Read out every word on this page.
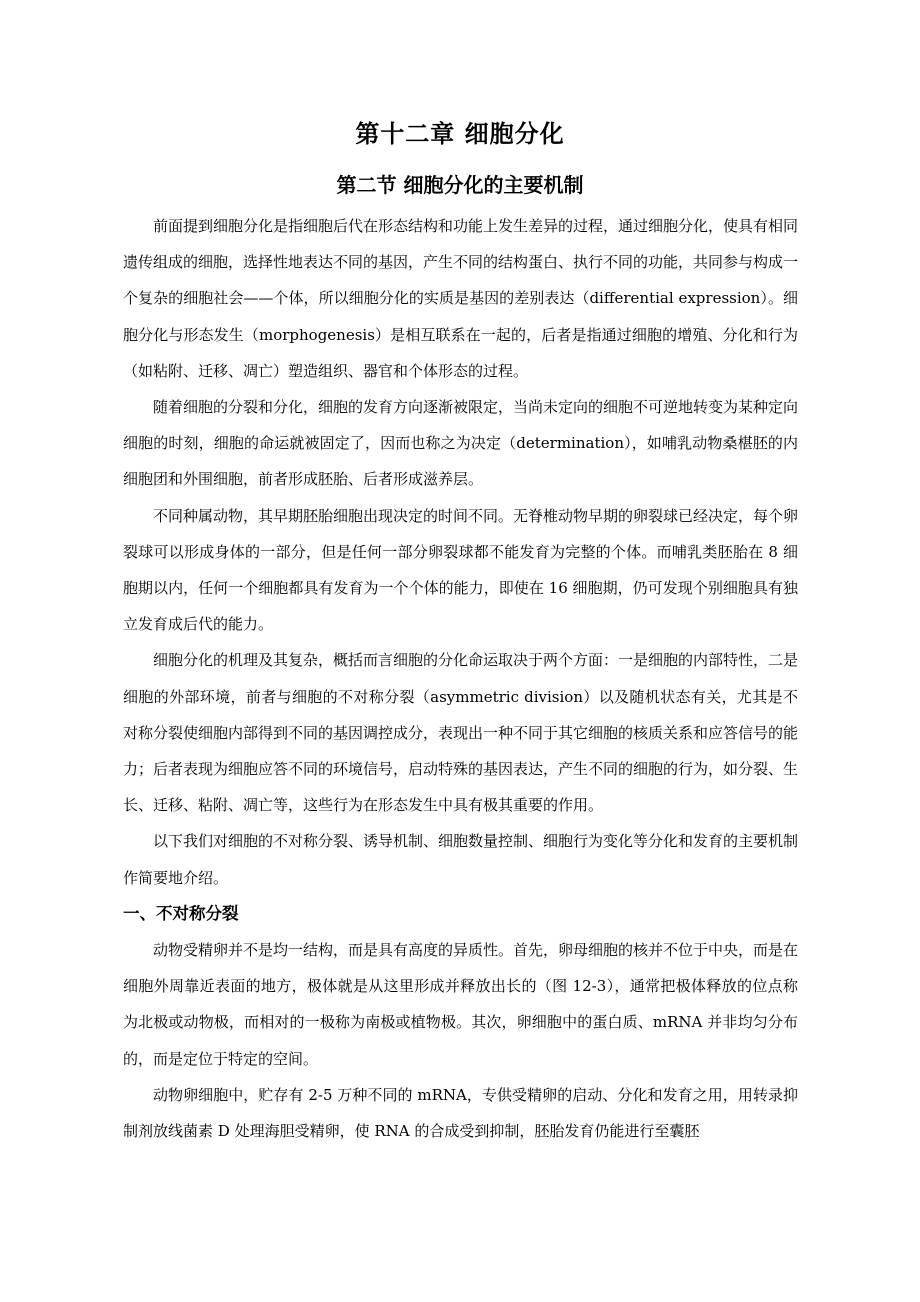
第十二章 细胞分化
第二节 细胞分化的主要机制

前面提到细胞分化是指细胞后代在形态结构和功能上发生差异的过程，通过细胞分化，使具有相同遗传组成的细胞，选择性地表达不同的基因，产生不同的结构蛋白、执行不同的功能，共同参与构成一个复杂的细胞社会——个体，所以细胞分化的实质是基因的差别表达（differential expression）。细胞分化与形态发生（morphogenesis）是相互联系在一起的，后者是指通过细胞的增殖、分化和行为（如粘附、迁移、凋亡）塑造组织、器官和个体形态的过程。

随着细胞的分裂和分化，细胞的发育方向逐渐被限定，当尚未定向的细胞不可逆地转变为某种定向细胞的时刻，细胞的命运就被固定了，因而也称之为决定（determination），如哺乳动物桑椹胚的内细胞团和外围细胞，前者形成胚胎、后者形成滋养层。

不同种属动物，其早期胚胎细胞出现决定的时间不同。无脊椎动物早期的卵裂球已经决定，每个卵裂球可以形成身体的一部分，但是任何一部分卵裂球都不能发育为完整的个体。而哺乳类胚胎在 8 细胞期以内，任何一个细胞都具有发育为一个个体的能力，即使在 16 细胞期，仍可发现个别细胞具有独立发育成后代的能力。

细胞分化的机理及其复杂，概括而言细胞的分化命运取决于两个方面：一是细胞的内部特性，二是细胞的外部环境，前者与细胞的不对称分裂（asymmetric division）以及随机状态有关，尤其是不对称分裂使细胞内部得到不同的基因调控成分，表现出一种不同于其它细胞的核质关系和应答信号的能力；后者表现为细胞应答不同的环境信号，启动特殊的基因表达，产生不同的细胞的行为，如分裂、生长、迁移、粘附、凋亡等，这些行为在形态发生中具有极其重要的作用。

以下我们对细胞的不对称分裂、诱导机制、细胞数量控制、细胞行为变化等分化和发育的主要机制作简要地介绍。

一、不对称分裂

动物受精卵并不是均一结构，而是具有高度的异质性。首先，卵母细胞的核并不位于中央，而是在细胞外周靠近表面的地方，极体就是从这里形成并释放出长的（图 12-3），通常把极体释放的位点称为北极或动物极，而相对的一极称为南极或植物极。其次，卵细胞中的蛋白质、mRNA 并非均匀分布的，而是定位于特定的空间。

动物卵细胞中，贮存有 2-5 万种不同的 mRNA，专供受精卵的启动、分化和发育之用，用转录抑制剂放线菌素 D 处理海胆受精卵，使 RNA 的合成受到抑制，胚胎发育仍能进行至囊胚
